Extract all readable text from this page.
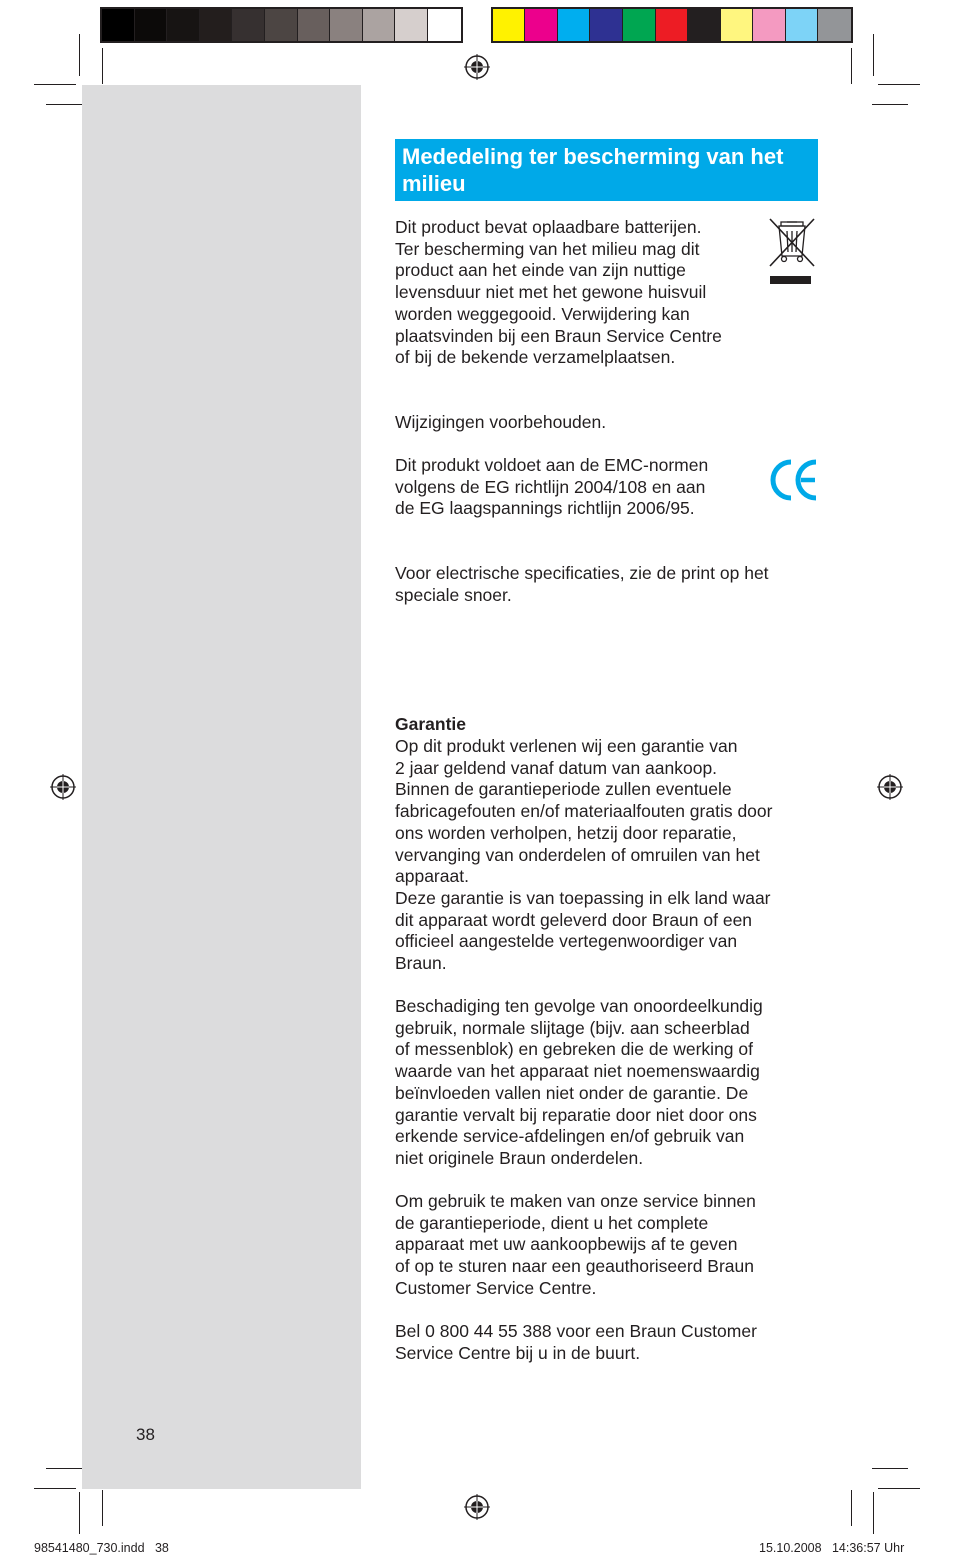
38
Mededeling ter bescherming van het milieu

Dit product bevat oplaadbare batterijen.
Ter bescherming van het milieu mag dit
product aan het einde van zijn nuttige
levensduur niet met het gewone huisvuil
worden weggegooid. Verwijdering kan
plaatsvinden bij een Braun Service Centre
of bij de bekende verzamelplaatsen.

Wijzigingen voorbehouden.

Dit produkt voldoet aan de EMC-normen
volgens de EG richtlijn 2004/108 en aan
de EG laagspannings richtlijn 2006/95.

Voor electrische specificaties, zie de print op het
speciale snoer.

Garantie

Op dit produkt verlenen wij een garantie van
2 jaar geldend vanaf datum van aankoop.
Binnen de garantieperiode zullen eventuele
fabricagefouten en/of materiaalfouten gratis door
ons worden verholpen, hetzij door reparatie,
vervanging van onderdelen of omruilen van het
apparaat.
Deze garantie is van toepassing in elk land waar
dit apparaat wordt geleverd door Braun of een
officieel aangestelde vertegenwoordiger van
Braun.

Beschadiging ten gevolge van onoordeelkundig
gebruik, normale slijtage (bijv. aan scheerblad
of messenblok) en gebreken die de werking of
waarde van het apparaat niet noemenswaardig
beïnvloeden vallen niet onder de garantie. De
garantie vervalt bij reparatie door niet door ons
erkende service-afdelingen en/of gebruik van
niet originele Braun onderdelen.

Om gebruik te maken van onze service binnen
de garantieperiode, dient u het complete
apparaat met uw aankoopbewijs af te geven
of op te sturen naar een geauthoriseerd Braun
Customer Service Centre.

Bel 0 800 44 55 388 voor een Braun Customer
Service Centre bij u in de buurt.

98541480_730.indd   38	15.10.2008   14:36:57 Uhr
